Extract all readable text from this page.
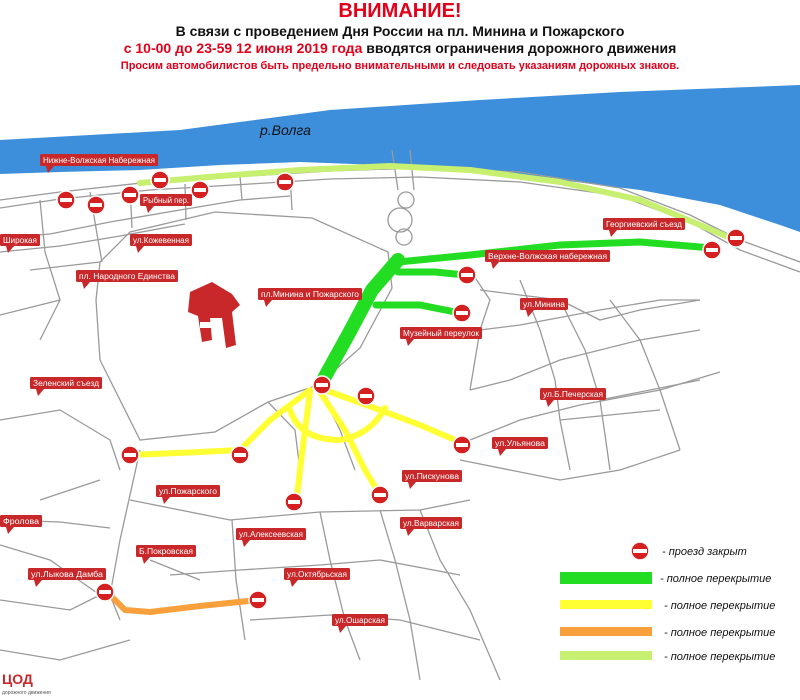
Нижне-Волжская Набережная
Рыбный пер.
Широкая	ул.Кожевенная
пл. Народного Единства
пл.Минина и Пожарского
Георгиевский съезд
Верхне-Волжская набережная
ул.Минина
Музейный переулок
Зеленский съезд
ул.Б.Печерская
ул.Ульянова
ул.Пискунова
ул.Пожарского
ул.Варварская
Фролова
ул.Алексеевская
Б.Покровская
ул.Лыкова Дамба	ул.Октябрьская
ул.Ошарская
р.Волга
- проезд закрыт
- полное перекрытие
- полное перекрытие
- полное перекрытие
- полное перекрытие
ЦОД
дорожного движения
ВНИМАНИЕ!
В связи с проведением Дня России на пл. Минина и Пожарского
с 10-00 до 23-59 12 июня 2019 года вводятся ограничения дорожного движения
Просим автомобилистов быть предельно внимательными и следовать указаниям дорожных знаков.
